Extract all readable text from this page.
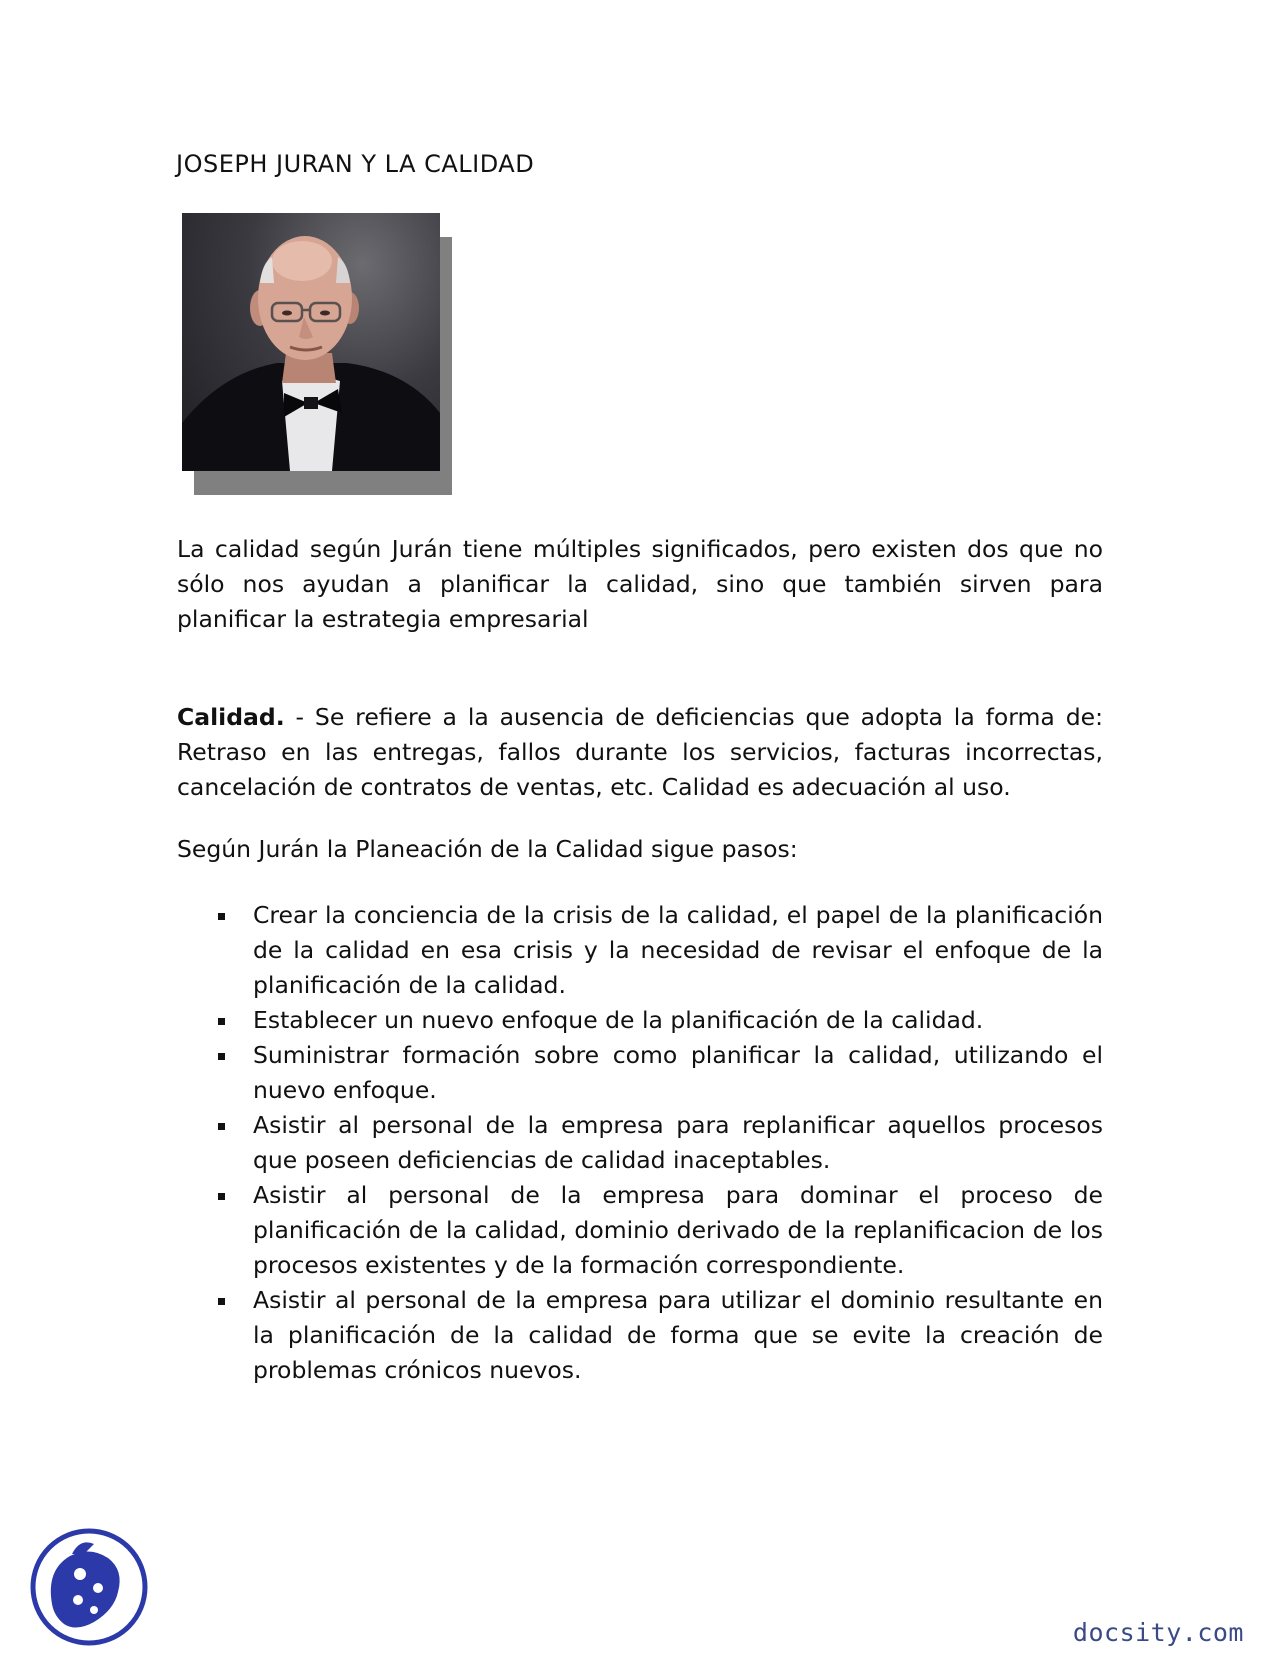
JOSEPH JURAN Y LA CALIDAD

La calidad según Jurán tiene múltiples significados, pero existen dos que no sólo nos ayudan a planificar la calidad, sino que también sirven para planificar la estrategia empresarial

Calidad. - Se refiere a la ausencia de deficiencias que adopta la forma de: Retraso en las entregas, fallos durante los servicios, facturas incorrectas, cancelación de contratos de ventas, etc. Calidad es adecuación al uso.

Según Jurán la Planeación de la Calidad sigue pasos:

Crear la conciencia de la crisis de la calidad, el papel de la planificación de la calidad en esa crisis y la necesidad de revisar el enfoque de la planificación de la calidad.
Establecer un nuevo enfoque de la planificación de la calidad.
Suministrar formación sobre como planificar la calidad, utilizando el nuevo enfoque.
Asistir al personal de la empresa para replanificar aquellos procesos que poseen deficiencias de calidad inaceptables.
Asistir al personal de la empresa para dominar el proceso de planificación de la calidad, dominio derivado de la replanificacion de los procesos existentes y de la formación correspondiente.
Asistir al personal de la empresa para utilizar el dominio resultante en la planificación de la calidad de forma que se evite la creación de problemas crónicos nuevos.
docsity.com
